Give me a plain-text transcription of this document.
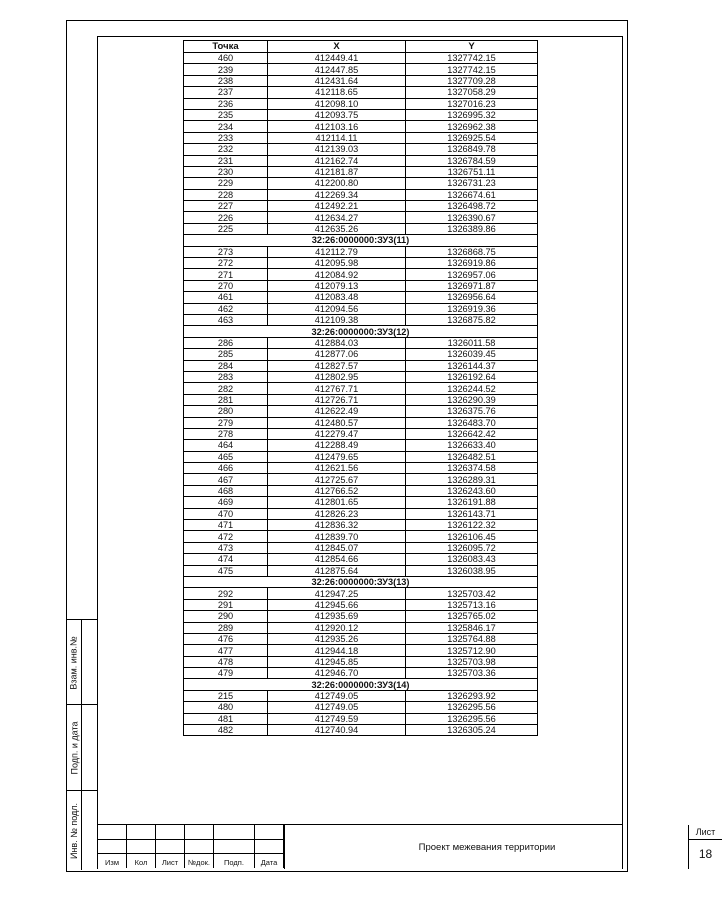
Точка	X	Y
460	412449.41	1327742.15
239	412447.85	1327742.15
238	412431.64	1327709.28
237	412118.65	1327058.29
236	412098.10	1327016.23
235	412093.75	1326995.32
234	412103.16	1326962.38
233	412114.11	1326925.54
232	412139.03	1326849.78
231	412162.74	1326784.59
230	412181.87	1326751.11
229	412200.80	1326731.23
228	412269.34	1326674.61
227	412492.21	1326498.72
226	412634.27	1326390.67
225	412635.26	1326389.86
32:26:0000000:ЗУ3(11)		
273	412112.79	1326868.75
272	412095.98	1326919.86
271	412084.92	1326957.06
270	412079.13	1326971.87
461	412083.48	1326956.64
462	412094.56	1326919.36
463	412109.38	1326875.82
32:26:0000000:ЗУ3(12)		
286	412884.03	1326011.58
285	412877.06	1326039.45
284	412827.57	1326144.37
283	412802.95	1326192.64
282	412767.71	1326244.52
281	412726.71	1326290.39
280	412622.49	1326375.76
279	412480.57	1326483.70
278	412279.47	1326642.42
464	412288.49	1326633.40
465	412479.65	1326482.51
466	412621.56	1326374.58
467	412725.67	1326289.31
468	412766.52	1326243.60
469	412801.65	1326191.88
470	412826.23	1326143.71
471	412836.32	1326122.32
472	412839.70	1326106.45
473	412845.07	1326095.72
474	412854.66	1326083.43
475	412875.64	1326038.95
32:26:0000000:ЗУ3(13)		
292	412947.25	1325703.42
291	412945.66	1325713.16
290	412935.69	1325765.02
289	412920.12	1325846.17
476	412935.26	1325764.88
477	412944.18	1325712.90
478	412945.85	1325703.98
479	412946.70	1325703.36
32:26:0000000:ЗУ3(14)		
215	412749.05	1326293.92
480	412749.05	1326295.56
481	412749.59	1326295.56
482	412740.94	1326305.24
Взам. инв.№
Подп. и дата
Инв. № подл.
Изм	Кол	Лист	№док.	Подп.	Дата
Проект межевания территории
Лист
18
